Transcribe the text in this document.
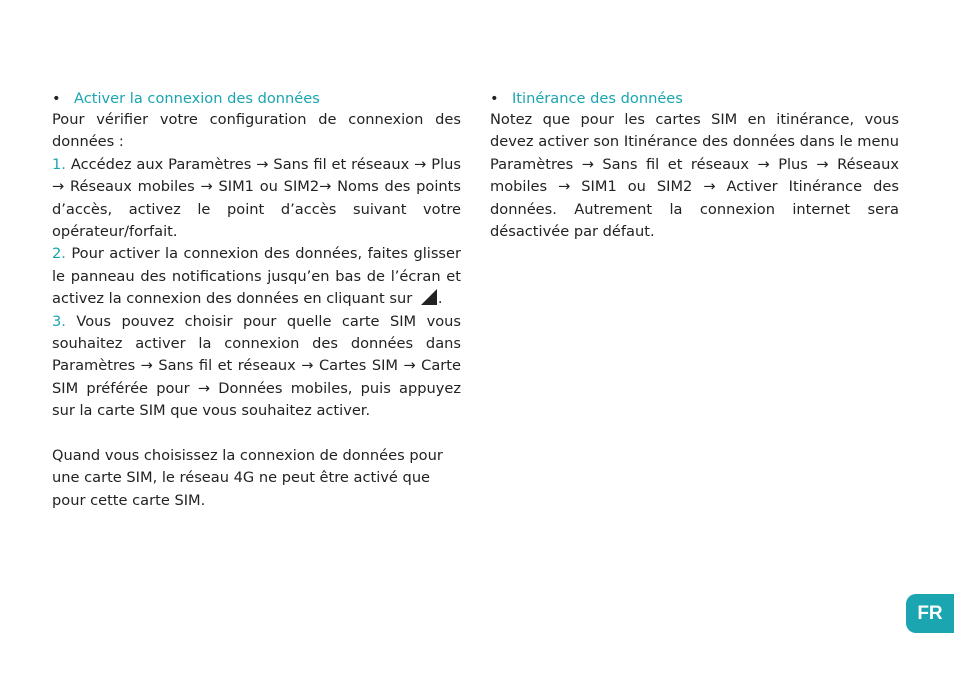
• Activer la connexion des données
Pour vérifier votre configuration de connexion des données :
1. Accédez aux Paramètres → Sans fil et réseaux → Plus → Réseaux mobiles → SIM1 ou SIM2→ Noms des points d’accès, activez le point d’accès suivant votre opérateur/forfait.
2. Pour activer la connexion des données, faites glisser le panneau des notifications jusqu’en bas de l’écran et activez la connexion des données en cliquant sur .
3. Vous pouvez choisir pour quelle carte SIM vous souhaitez activer la connexion des données dans Paramètres → Sans fil et réseaux → Cartes SIM → Carte SIM préférée pour → Données mobiles, puis appuyez sur la carte SIM que vous souhaitez activer.
Quand vous choisissez la connexion de données pour une carte SIM, le réseau 4G ne peut être activé que pour cette carte SIM.
• Itinérance des données
Notez que pour les cartes SIM en itinérance, vous devez activer son Itinérance des données dans le menu Paramètres → Sans fil et réseaux → Plus → Réseaux mobiles → SIM1 ou SIM2 → Activer Itinérance des données. Autrement la connexion internet sera désactivée par défaut.
FR
